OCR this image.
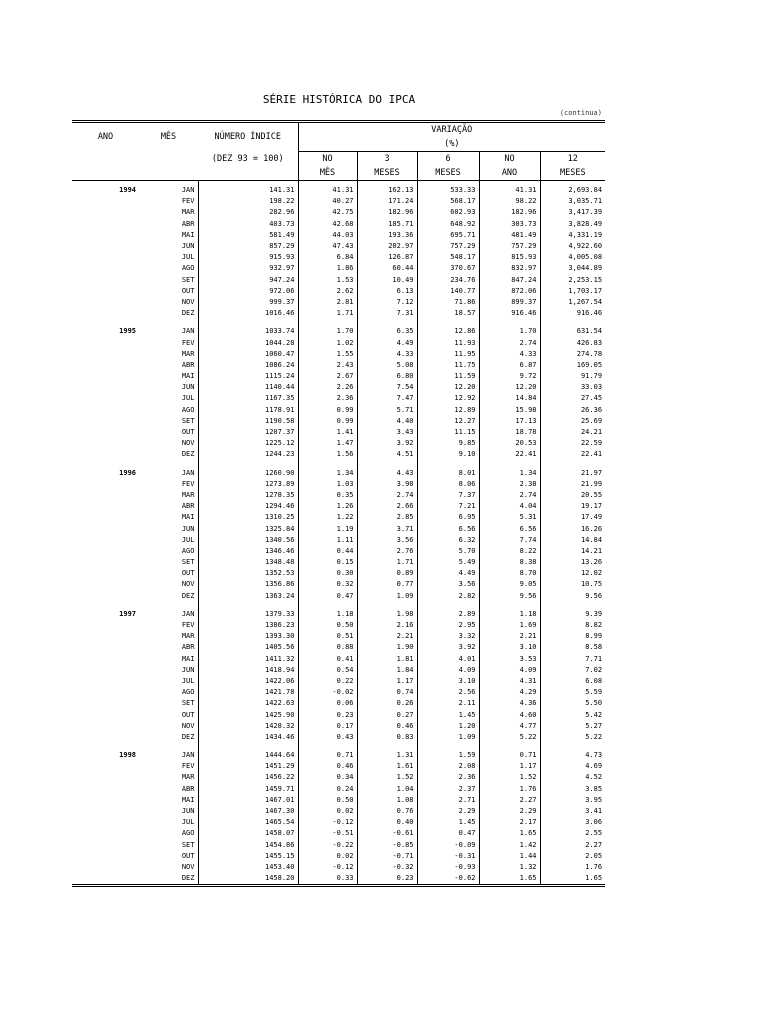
SÉRIE HISTÓRICA DO IPCA
(continua)
ANO	MÊS	NÚMERO ÍNDICE	VARIAÇÃO				
			(%)				
		(DEZ 93 = 100)	NO	3	6	NO	12
			MÊS	MESES	MESES	ANO	MESES
1994	JAN	141.31	41.31	162.13	533.33	41.31	2,693.84
	FEV	198.22	40.27	171.24	568.17	98.22	3,035.71
	MAR	282.96	42.75	182.96	602.93	182.96	3,417.39
	ABR	403.73	42.68	185.71	648.92	303.73	3,828.49
	MAI	581.49	44.03	193.36	695.71	481.49	4,331.19
	JUN	857.29	47.43	202.97	757.29	757.29	4,922.60
	JUL	915.93	6.84	126.87	548.17	815.93	4,005.08
	AGO	932.97	1.86	60.44	370.67	832.97	3,044.89
	SET	947.24	1.53	10.49	234.76	847.24	2,253.15
	OUT	972.06	2.62	6.13	140.77	872.06	1,703.17
	NOV	999.37	2.81	7.12	71.86	899.37	1,267.54
	DEZ	1016.46	1.71	7.31	18.57	916.46	916.46

1995	JAN	1033.74	1.70	6.35	12.86	1.70	631.54
	FEV	1044.28	1.02	4.49	11.93	2.74	426.83
	MAR	1060.47	1.55	4.33	11.95	4.33	274.78
	ABR	1086.24	2.43	5.08	11.75	6.87	169.05
	MAI	1115.24	2.67	6.80	11.59	9.72	91.79
	JUN	1140.44	2.26	7.54	12.20	12.20	33.03
	JUL	1167.35	2.36	7.47	12.92	14.84	27.45
	AGO	1178.91	0.99	5.71	12.89	15.98	26.36
	SET	1190.58	0.99	4.40	12.27	17.13	25.69
	OUT	1207.37	1.41	3.43	11.15	18.78	24.21
	NOV	1225.12	1.47	3.92	9.85	20.53	22.59
	DEZ	1244.23	1.56	4.51	9.10	22.41	22.41

1996	JAN	1260.90	1.34	4.43	8.01	1.34	21.97
	FEV	1273.89	1.03	3.98	8.06	2.38	21.99
	MAR	1278.35	0.35	2.74	7.37	2.74	20.55
	ABR	1294.46	1.26	2.66	7.21	4.04	19.17
	MAI	1310.25	1.22	2.85	6.95	5.31	17.49
	JUN	1325.84	1.19	3.71	6.56	6.56	16.26
	JUL	1340.56	1.11	3.56	6.32	7.74	14.84
	AGO	1346.46	0.44	2.76	5.70	8.22	14.21
	SET	1348.48	0.15	1.71	5.49	8.38	13.26
	OUT	1352.53	0.30	0.89	4.49	8.70	12.02
	NOV	1356.86	0.32	0.77	3.56	9.05	10.75
	DEZ	1363.24	0.47	1.09	2.82	9.56	9.56

1997	JAN	1379.33	1.18	1.98	2.89	1.18	9.39
	FEV	1386.23	0.50	2.16	2.95	1.69	8.82
	MAR	1393.30	0.51	2.21	3.32	2.21	8.99
	ABR	1405.56	0.88	1.90	3.92	3.10	8.58
	MAI	1411.32	0.41	1.81	4.01	3.53	7.71
	JUN	1418.94	0.54	1.84	4.09	4.09	7.02
	JUL	1422.06	0.22	1.17	3.10	4.31	6.08
	AGO	1421.78	-0.02	0.74	2.56	4.29	5.59
	SET	1422.63	0.06	0.26	2.11	4.36	5.50
	OUT	1425.90	0.23	0.27	1.45	4.60	5.42
	NOV	1428.32	0.17	0.46	1.20	4.77	5.27
	DEZ	1434.46	0.43	0.83	1.09	5.22	5.22

1998	JAN	1444.64	0.71	1.31	1.59	0.71	4.73
	FEV	1451.29	0.46	1.61	2.08	1.17	4.69
	MAR	1456.22	0.34	1.52	2.36	1.52	4.52
	ABR	1459.71	0.24	1.04	2.37	1.76	3.85
	MAI	1467.01	0.50	1.08	2.71	2.27	3.95
	JUN	1467.30	0.02	0.76	2.29	2.29	3.41
	JUL	1465.54	-0.12	0.40	1.45	2.17	3.06
	AGO	1458.07	-0.51	-0.61	0.47	1.65	2.55
	SET	1454.86	-0.22	-0.85	-0.09	1.42	2.27
	OUT	1455.15	0.02	-0.71	-0.31	1.44	2.05
	NOV	1453.40	-0.12	-0.32	-0.93	1.32	1.76
	DEZ	1458.20	0.33	0.23	-0.62	1.65	1.65
